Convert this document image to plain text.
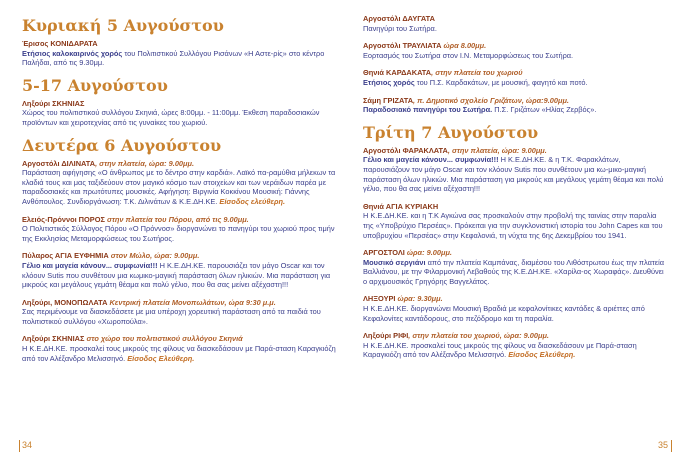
Κυριακή 5 Αυγούστου
Έρισος ΚΟΝΙΔΑΡΑΤΑ
Ετήσιος καλοκαιρινός χορός του Πολιτιστικού Συλλόγου Ρισάνων «Η Αστε-ρίς» στο κέντρο Παλήδαι, από τις 9.30μμ.
5-17 Αυγούστου
Ληξούρι ΣΚΗΝΙΑΣ
Χώρος του πολιτιστικού συλλόγου Σκηνιά, ώρες 8:00μμ. - 11:00μμ. Έκθεση παραδοσιακών προϊόντων και χειροτεχνίας από τις γυναίκες του χωριού.
Δευτέρα 6 Αυγούστου
Αργοστόλι ΔΙΛΙΝΑΤΑ, στην πλατεία, ώρα: 9.00μμ.
Παράσταση αφήγησης «Ο άνθρωπος με το δέντρο στην καρδιά». Λαϊκό πα-ραμύθια μήλεκων τα κλαδιά τους και μας ταξιδεύουν στον μαγικό κόσμο των στοιχείων και των νεράιδων παρέα με παραδοσιακές και πρωτότυπες μουσικές. Αφήγηση: Βιργινία Κοκκίνου Μουσική: Γιάννης Ανθόπουλος. Συνδιοργάνωση: Τ.Κ. Διλινάτων & Κ.Ε.ΔΗ.ΚΕ. Είσοδος ελεύθερη.
Ελειός-Πρόννοι ΠΟΡΟΣ στην πλατεία του Πόρου, από τις 9.00μμ.
Ο Πολιτιστικός Σύλλογος Πόρου «Ο Πρόννοσ» διοργανώνει το πανηγύρι του χωριού προς τιμήν της Εκκλησίας Μεταμορφώσεως του Σωτήρος.
Πύλαρος ΑΓΙΑ ΕΥΦΗΜΙΑ στον Μώλο, ώρα: 9.00μμ.
Γέλιο και μαγεία κάνουν... συμφωνία!!! Η Κ.Ε.ΔΗ.ΚΕ. παρουσιάζει τον μάγο Oscar και τον κλόουν Sutis που συνθέτουν μια κωμικο-μαγική παράσταση όλων ηλικιών. Μια παράσταση για μικρούς και μεγάλους γεμάτη θέαμα και πολύ γέλιο, που θα σας μείνει αξέχαστη!!!
Ληξούρι, ΜΟΝΟΠΩΛΑΤΑ Κεντρική πλατεία Μονοπωλάτων, ώρα 9:30 μ.μ.
Σας περιμένουμε να διασκεδάσετε με μια υπέροχη χορευτική παράσταση από τα παιδιά του πολιτιστικού συλλόγου «Χωροπούλα».
Ληξούρι ΣΚΗΝΙΑΣ στο χώρο του πολιτιστικού συλλόγου Σκηνιά
Η Κ.Ε.ΔΗ.ΚΕ. προσκαλεί τους μικρούς της φίλους να διασκεδάσουν με Παρά-σταση Καραγκιόζη από τον Αλέξανδρο Μελισσηνό. Είσοδος Ελεύθερη.
Αργοστόλι ΔΑΥΓΑΤΑ
Πανηγύρι του Σωτήρα.
Αργοστόλι ΤΡΑΥΛΙΑΤΑ ώρα 8.00μμ.
Εορτασμός του Σωτήρα στον Ι.Ν. Μεταμορφώσεως του Σωτήρα.
Θηνιά ΚΑΡΔΑΚΑΤΑ, στην πλατεία του χωριού
Ετήσιος χορός του Π.Σ. Καρδακάτων, με μουσική, φαγητό και ποτό.
Σάμη ΓΡΙΖΑΤΑ, π. Δημοτικό σχολείο Γριζάτων, ώρα:9.00μμ.
Παραδοσιακό πανηγύρι του Σωτήρα. Π.Σ. Γριζάτων «Ηλίας Ζερβός».
Τρίτη 7 Αυγούστου
Αργοστόλι ΦΑΡΑΚΛΑΤΑ, στην πλατεία, ώρα: 9.00μμ.
Γέλιο και μαγεία κάνουν... συμφωνία!!! Η Κ.Ε.ΔΗ.ΚΕ. & η Τ.Κ. Φαρακλάτων, παρουσιάζουν τον μάγο Oscar και τον κλόουν Sutis που συνθέτουν μια κω-μικο-μαγική παράσταση όλων ηλικιών. Μια παράσταση για μικρούς και μεγάλους γεμάτη θέαμα και πολύ γέλιο, που θα σας μείνει αξέχαστη!!!
Θηνιά ΑΓΙΑ ΚΥΡΙΑΚΗ
Η Κ.Ε.ΔΗ.ΚΕ. και η Τ.Κ Αγκώνα σας προσκαλούν στην προβολή της ταινίας στην παραλία της «Υποβρύχιο Περσέας». Πρόκειται για την συγκλονιστική ιστορία του John Capes και του υποβρυχίου «Περσέας» στην Κεφαλονιά, τη νύχτα της 6ης Δεκεμβρίου του 1941.
ΑΡΓΟΣΤΟΛΙ ώρα: 9.00μμ.
Μουσικό σεργιάνι από την πλατεία Καμπάνας, διαμέσου του Λιθόστρωτου έως την πλατεία Βαλλιάνου, με την Φιλαρμονική Λεβαθούς της Κ.Ε.ΔΗ.ΚΕ. «Χαρίλα-ος Χωραφάς». Διευθύνει ο αρχιμουσικός Γρηγόρης Βαγγελάτος.
ΛΗΞΟΥΡΙ ώρα: 9.30μμ.
Η Κ.Ε.ΔΗ.ΚΕ. διοργανώνει Μουσική Βραδιά με κεφαλονίτικες καντάδες & αριέττες από Κεφαλονίτες καντάδορους, στο πεζόδρομο και τη παραλία.
Ληξούρι ΡΙΦΙ, στην πλατεία του χωριού, ώρα: 9.00μμ.
Η Κ.Ε.ΔΗ.ΚΕ. προσκαλεί τους μικρούς της φίλους να διασκεδάσουν με Παρά-σταση Καραγκιόζη από τον Αλέξανδρο Μελισσηνό. Είσοδος Ελεύθερη.
34	35
